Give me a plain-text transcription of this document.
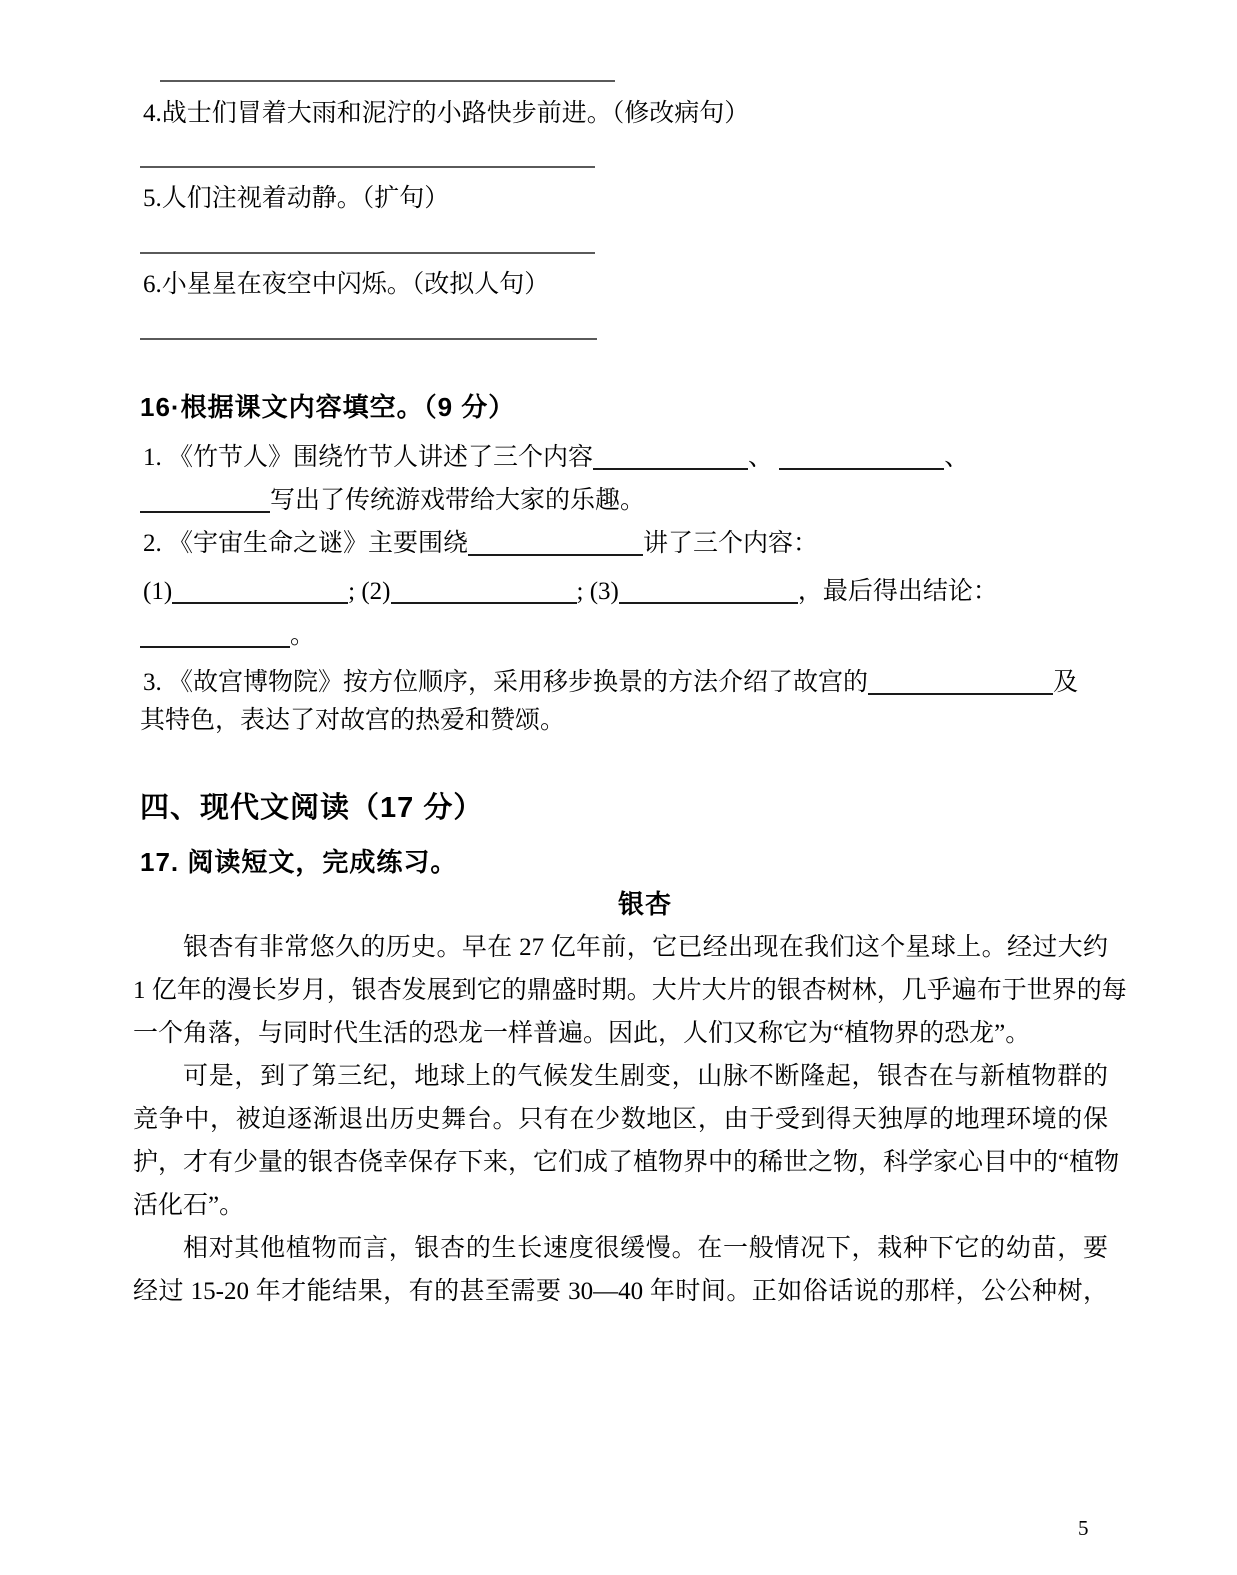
4.战士们冒着大雨和泥泞的小路快步前进。（修改病句）
5.人们注视着动静。（扩句）
6.小星星在夜空中闪烁。（改拟人句）
16·根据课文内容填空。（9 分）
1. 《竹节人》围绕竹节人讲述了三个内容	、	、
写出了传统游戏带给大家的乐趣。
2. 《宇宙生命之谜》主要围绕	讲了三个内容：
(1)	; (2)	; (3)	，最后得出结论：
。
3. 《故宫博物院》按方位顺序，采用移步换景的方法介绍了故宫的	及
其特色，表达了对故宫的热爱和赞颂。
四、现代文阅读（17 分）
17. 阅读短文，完成练习。
银杏
银杏有非常悠久的历史。早在 27 亿年前，它已经出现在我们这个星球上。经过大约
1 亿年的漫长岁月，银杏发展到它的鼎盛时期。大片大片的银杏树林，几乎遍布于世界的每
一个角落，与同时代生活的恐龙一样普遍。因此，人们又称它为“植物界的恐龙”。
可是，到了第三纪，地球上的气候发生剧变，山脉不断隆起，银杏在与新植物群的
竞争中，被迫逐渐退出历史舞台。只有在少数地区，由于受到得天独厚的地理环境的保
护，才有少量的银杏侥幸保存下来，它们成了植物界中的稀世之物，科学家心目中的“植物
活化石”。
相对其他植物而言，银杏的生长速度很缓慢。在一般情况下，栽种下它的幼苗，要
经过 15-20 年才能结果，有的甚至需要 30—40 年时间。正如俗话说的那样，公公种树，
5
